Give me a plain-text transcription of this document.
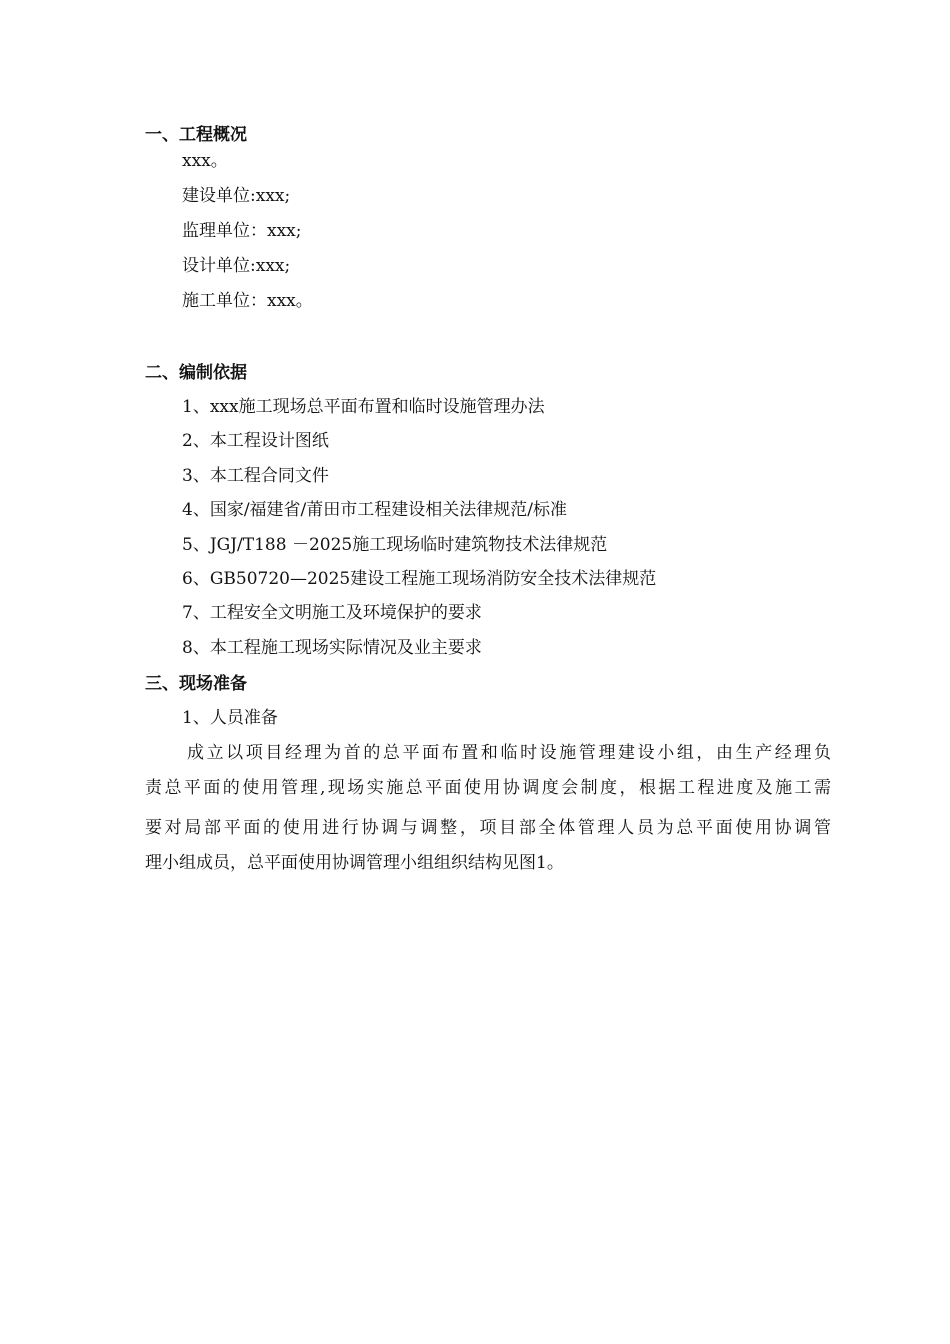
一、工程概况
xxx。
建设单位:xxx;
监理单位：xxx;
设计单位:xxx;
施工单位：xxx。
二、编制依据
1、xxx施工现场总平面布置和临时设施管理办法
2、本工程设计图纸
3、本工程合同文件
4、国家/福建省/莆田市工程建设相关法律规范/标准
5、JGJ/T188 －2025施工现场临时建筑物技术法律规范
6、GB50720—2025建设工程施工现场消防安全技术法律规范
7、工程安全文明施工及环境保护的要求
8、本工程施工现场实际情况及业主要求
三、现场准备
1、人员准备
成立以项目经理为首的总平面布置和临时设施管理建设小组，由生产经理负
责总平面的使用管理,现场实施总平面使用协调度会制度，根据工程进度及施工需
要对局部平面的使用进行协调与调整，项目部全体管理人员为总平面使用协调管
理小组成员，总平面使用协调管理小组组织结构见图1。
